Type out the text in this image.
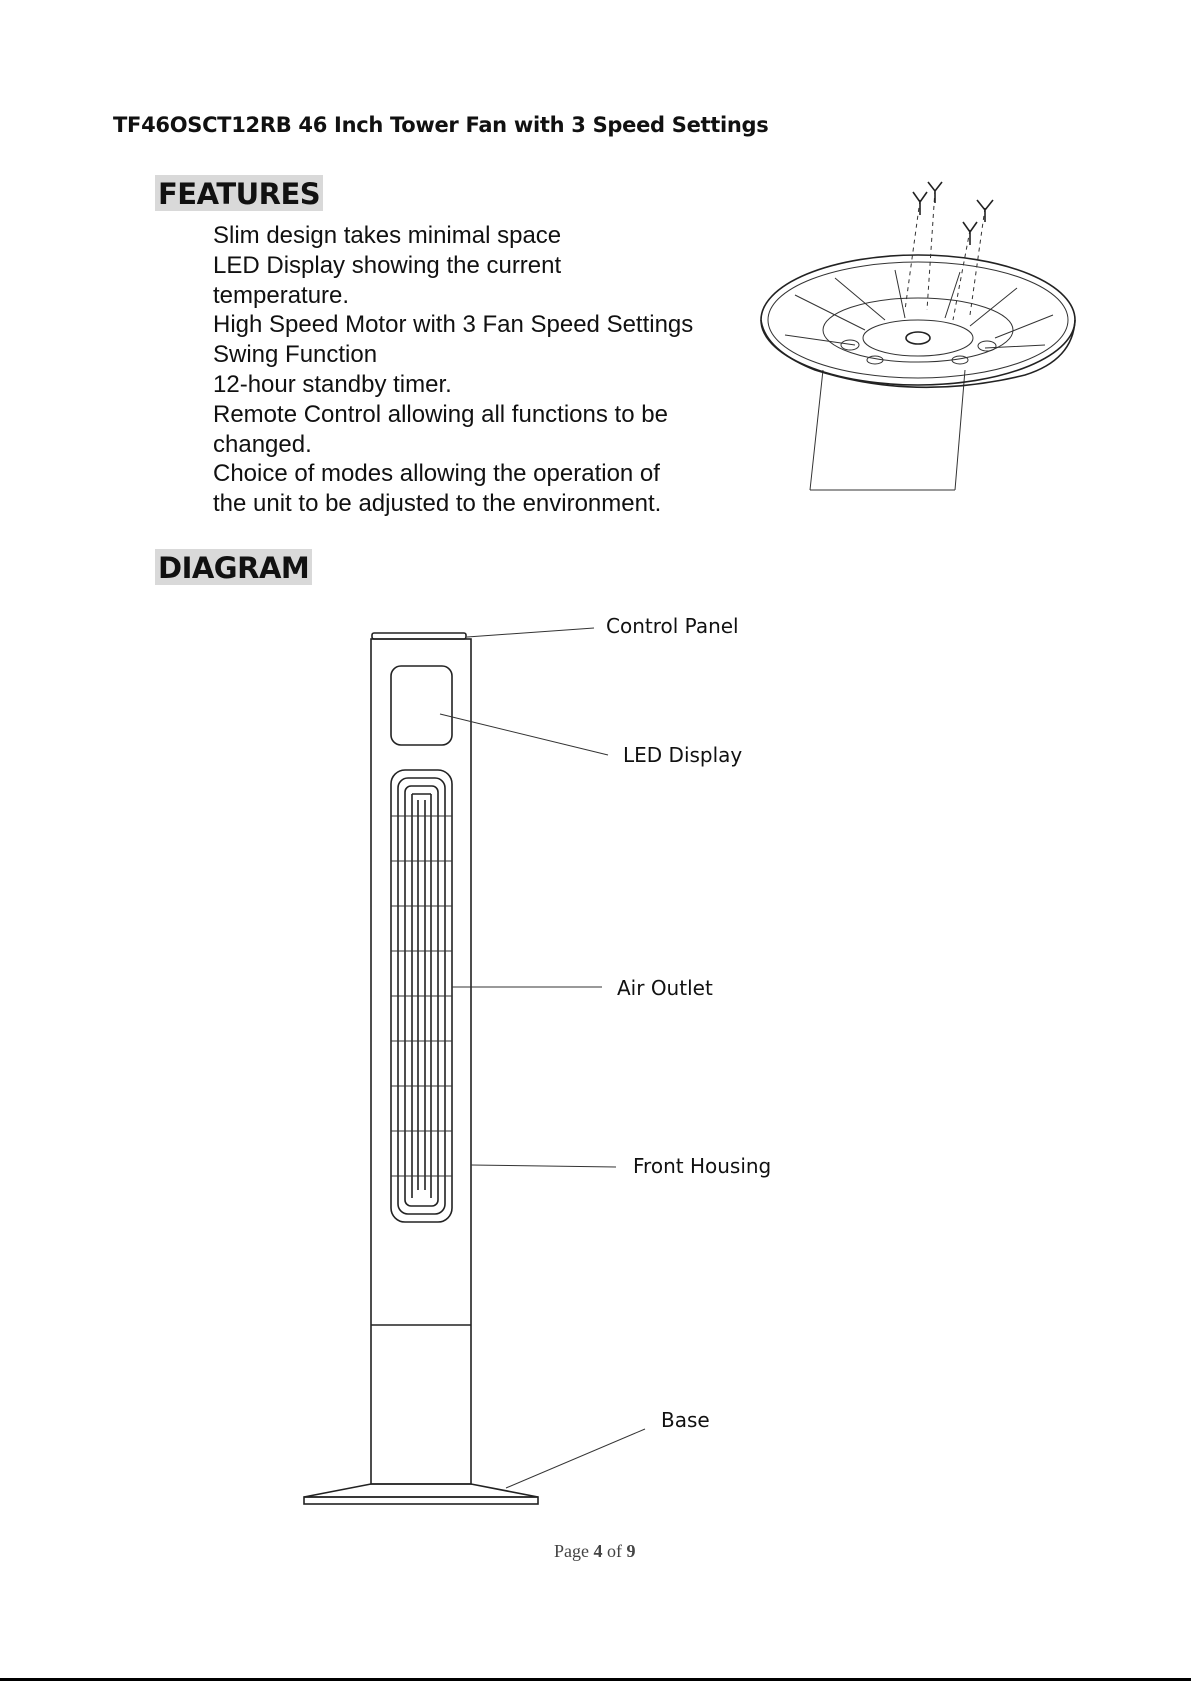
TF46OSCT12RB 46 Inch Tower Fan with 3 Speed Settings
FEATURES
Slim design takes minimal space
LED Display showing the current
temperature.
High Speed Motor with 3 Fan Speed Settings
Swing Function
12-hour standby timer.
Remote Control allowing all functions to be
changed.
Choice of modes allowing the operation of
the unit to be adjusted to the environment.
DIAGRAM
Control Panel
LED Display
Air Outlet
Front Housing
Base
Page 4 of 9
